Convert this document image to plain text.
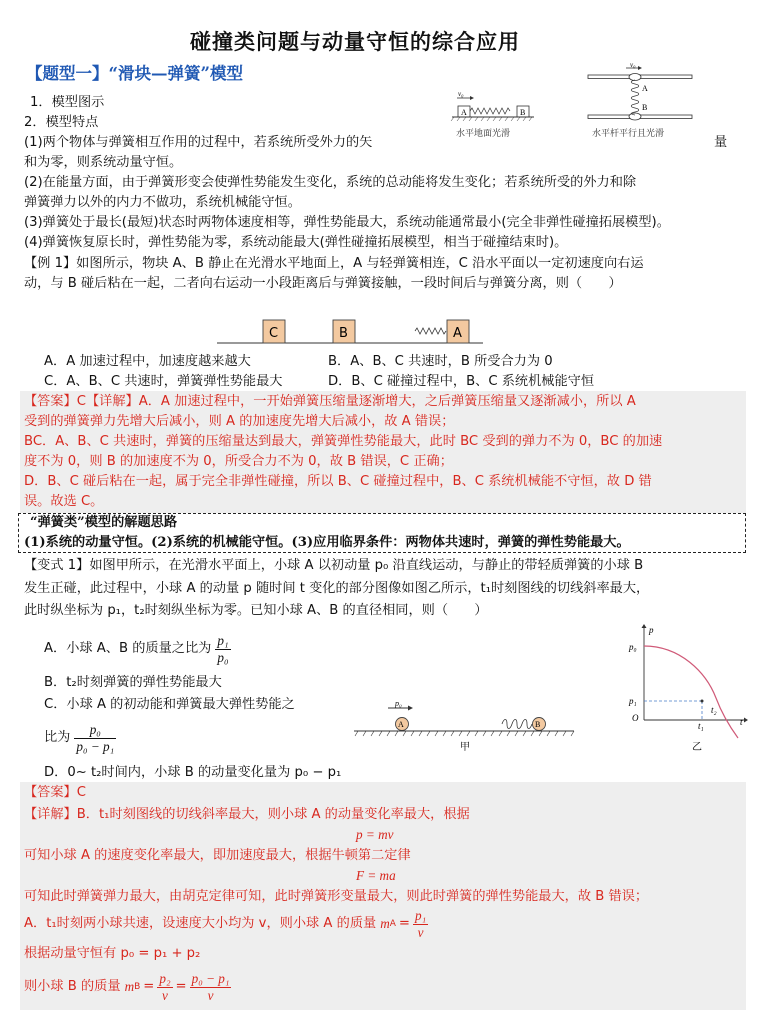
碰撞类问题与动量守恒的综合应用
【题型一】“滑块—弹簧”模型
1．模型图示
2．模型特点
(1)两个物体与弹簧相互作用的过程中，若系统所受外力的矢	量
和为零，则系统动量守恒。
(2)在能量方面，由于弹簧形变会使弹性势能发生变化，系统的总动能将发生变化；若系统所受的外力和除
弹簧弹力以外的内力不做功，系统机械能守恒。
(3)弹簧处于最长(最短)状态时两物体速度相等，弹性势能最大，系统动能通常最小(完全非弹性碰撞拓展模型)。
(4)弹簧恢复原长时，弹性势能为零，系统动能最大(弹性碰撞拓展模型，相当于碰撞结束时)。
v₀
A	B
水平地面光滑
v₀
A
B
水平杆平行且光滑
【例 1】如图所示，物块 A、B 静止在光滑水平地面上，A 与轻弹簧相连，C 沿水平面以一定初速度向右运
动，与 B 碰后粘在一起，二者向右运动一小段距离后与弹簧接触，一段时间后与弹簧分离，则（　　）
C	B	A
A．A 加速过程中，加速度越来越大	B．A、B、C 共速时，B 所受合力为 0
C．A、B、C 共速时，弹簧弹性势能最大	D．B、C 碰撞过程中，B、C 系统机械能守恒
【答案】C【详解】A．A 加速过程中，一开始弹簧压缩量逐渐增大，之后弹簧压缩量又逐渐减小，所以 A
受到的弹簧弹力先增大后减小，则 A 的加速度先增大后减小，故 A 错误；
BC．A、B、C 共速时，弹簧的压缩量达到最大，弹簧弹性势能最大，此时 BC 受到的弹力不为 0，BC 的加速
度不为 0，则 B 的加速度不为 0，所受合力不为 0，故 B 错误，C 正确；
D．B、C 碰后粘在一起，属于完全非弹性碰撞，所以 B、C 碰撞过程中，B、C 系统机械能不守恒，故 D 错
误。故选 C。
“弹簧类”模型的解题思路
(1)系统的动量守恒。(2)系统的机械能守恒。(3)应用临界条件：两物体共速时，弹簧的弹性势能最大。
【变式 1】如图甲所示，在光滑水平面上，小球 A 以初动量 p₀ 沿直线运动，与静止的带轻质弹簧的小球 B
发生正碰，此过程中，小球 A 的动量 p 随时间 t 变化的部分图像如图乙所示，t₁时刻图线的切线斜率最大，
此时纵坐标为 p₁，t₂时刻纵坐标为零。已知小球 A、B 的直径相同，则（　　）
A．小球 A、B 的质量之比为 $\frac{\text{p₁}}{\text{p₀}}$
B．t₂时刻弹簧的弹性势能最大
C．小球 A 的初动能和弹簧最大弹性势能之
比为 $\frac{\text{p₀}}{\text{p₀ − p₁}}$
D．0~ t₂时间内，小球 B 的动量变化量为 p₀ − p₁
p₀
A	B
甲
p
t
p₀
p₁
O
t₁
t₂
乙
【答案】C
【详解】B．t₁时刻图线的切线斜率最大，则小球 A 的动量变化率最大，根据
p = mv
可知小球 A 的速度变化率最大，即加速度最大，根据牛顿第二定律
F = ma
可知此时弹簧弹力最大，由胡克定律可知，此时弹簧形变量最大，则此时弹簧的弹性势能最大，故 B 错误；
A．t₁时刻两小球共速，设速度大小均为 v，则小球 A 的质量 m $A = \frac{\text{p₁}}{v}$
根据动量守恒有 p₀ = p₁ + p₂
则小球 B 的质量 m $B = \frac{\text{p₂}}{v} = \frac{\text{p₀ − p₁}}{v}$
